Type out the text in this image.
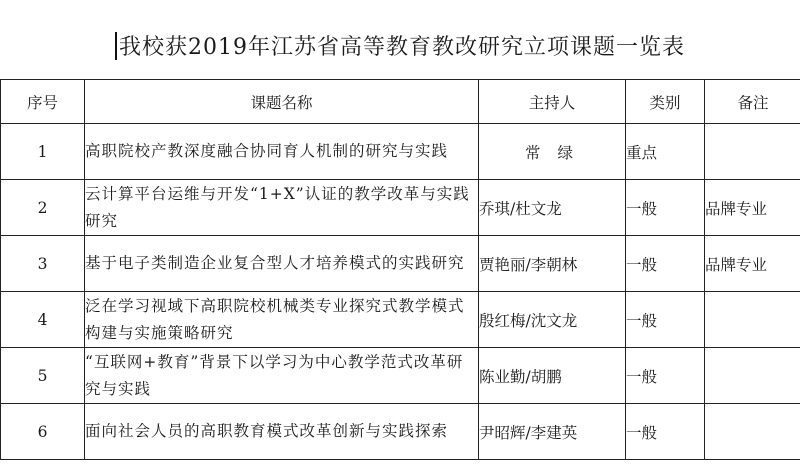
我校获2019年江苏省高等教育教改研究立项课题一览表
序号	课题名称	主持人	类别	备注
1	高职院校产教深度融合协同育人机制的研究与实践	常 绿	重点	
2	云计算平台运维与开发“1+X”认证的教学改革与实践研究	乔琪/杜文龙	一般	品牌专业
3	基于电子类制造企业复合型人才培养模式的实践研究	贾艳丽/李朝林	一般	品牌专业
4	泛在学习视域下高职院校机械类专业探究式教学模式构建与实施策略研究	殷红梅/沈文龙	一般	
5	“互联网+教育”背景下以学习为中心教学范式改革研究与实践	陈业勤/胡鹏	一般	
6	面向社会人员的高职教育模式改革创新与实践探索	尹昭辉/李建英	一般	
